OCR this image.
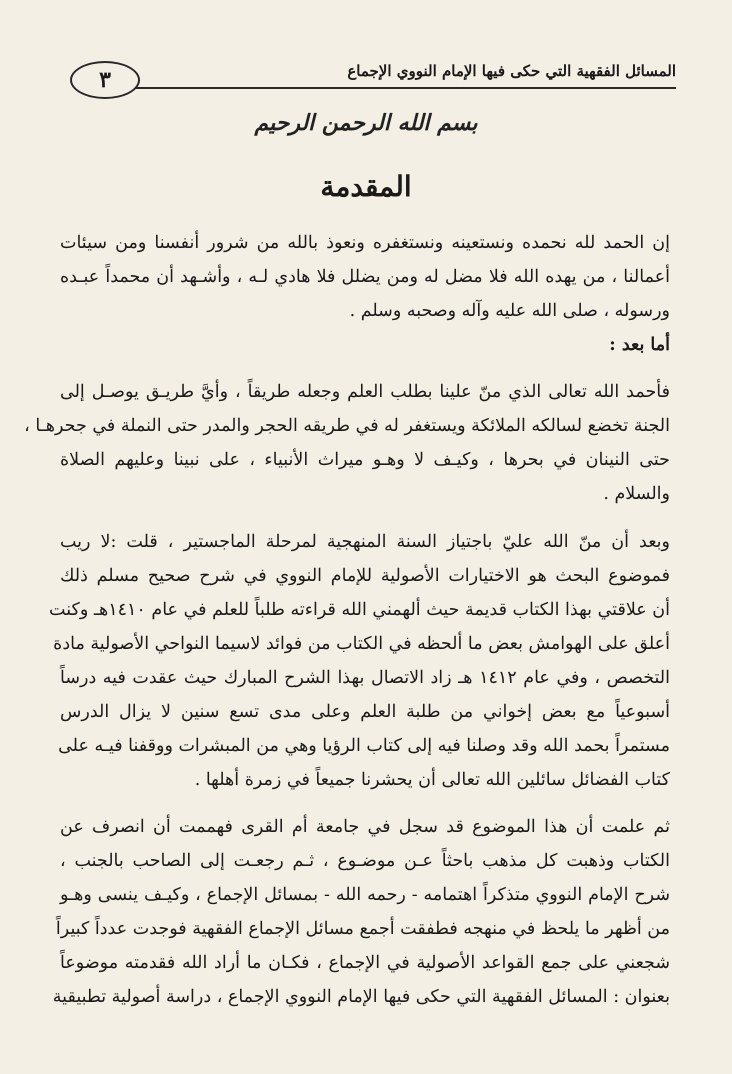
المسائل الفقهية التي حكى فيها الإمام النووي الإجماع
٣
بسم الله الرحمن الرحيم
المقدمة
إن الحمد لله نحمده ونستعينه ونستغفره ونعوذ بالله من شرور أنفسنا ومن سيئات
أعمالنا ، من يهده الله فلا مضل له ومن يضلل فلا هادي لـه ، وأشـهد أن محمداً عبـده
ورسوله ، صلى الله عليه وآله وصحبه وسلم .
أما بعد :
فأحمد الله تعالى الذي منّ علينا بطلب العلم وجعله طريقاً ، وأيَّ طريـق يوصـل إلى
الجنة تخضع لسالكه الملائكة ويستغفر له في طريقه الحجر والمدر حتى النملة في جحرهـا ،
حتى النينان في بحرها ، وكيـف لا وهـو ميراث الأنبياء ، على نبينا وعليهم الصلاة
والسلام .
وبعد أن منّ الله عليّ باجتياز السنة المنهجية لمرحلة الماجستير ، قلت :لا ريب
فموضوع البحث هو الاختيارات الأصولية للإمام النووي في شرح صحيح مسلم ذلك
أن علاقتي بهذا الكتاب قديمة حيث ألهمني الله قراءته طلباً للعلم في عام ١٤١٠هـ وكنت
أعلق على الهوامش بعض ما ألحظه في الكتاب من فوائد لاسيما النواحي الأصولية مادة
التخصص ، وفي عام ١٤١٢ هـ زاد الاتصال بهذا الشرح المبارك حيث عقدت فيه درساً
أسبوعياً مع بعض إخواني من طلبة العلم وعلى مدى تسع سنين لا يزال الدرس
مستمراً بحمد الله وقد وصلنا فيه إلى كتاب الرؤيا وهي من المبشرات ووقفنا فيـه على
كتاب الفضائل سائلين الله تعالى أن يحشرنا جميعاً في زمرة أهلها .
ثم علمت أن هذا الموضوع قد سجل في جامعة أم القرى فهممت أن انصرف عن
الكتاب وذهبت كل مذهب باحثاً عـن موضـوع ، ثـم رجعـت إلى الصاحب بالجنب ،
شرح الإمام النووي متذكراً اهتمامه - رحمه الله - بمسائل الإجماع ، وكيـف ينسى وهـو
من أظهر ما يلحظ في منهجه فطفقت أجمع مسائل الإجماع الفقهية فوجدت عدداً كبيراً
شجعني على جمع القواعد الأصولية في الإجماع ، فكـان ما أراد الله فقدمته موضوعاً
بعنوان : المسائل الفقهية التي حكى فيها الإمام النووي الإجماع ، دراسة أصولية تطبيقية
